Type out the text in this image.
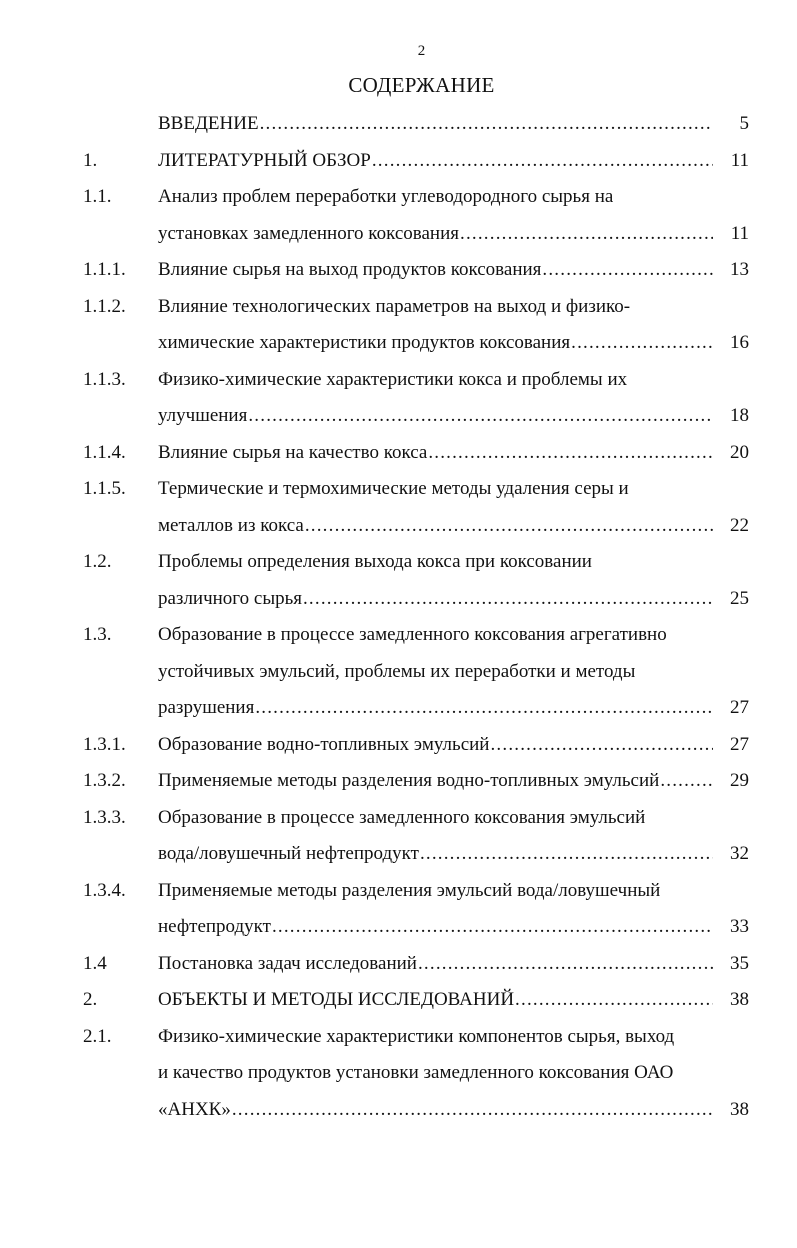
2
СОДЕРЖАНИЕ
ВВЕДЕНИЕ .....	5
1.	ЛИТЕРАТУРНЫЙ ОБЗОР .....	11
1.1. Анализ проблем переработки углеводородного сырья на
установках замедленного коксования .....	11
1.1.1. Влияние сырья на выход продуктов коксования .....	13
1.1.2. Влияние технологических параметров на выход и физико-
химические характеристики продуктов коксования .....	16
1.1.3. Физико-химические характеристики кокса и проблемы их
улучшения .....	18
1.1.4. Влияние сырья на качество кокса .....	20
1.1.5. Термические и термохимические методы удаления серы и
металлов из кокса .....	22
1.2. Проблемы определения выхода кокса при коксовании
различного сырья .....	25
1.3. Образование в процессе замедленного коксования агрегативно
устойчивых эмульсий, проблемы их переработки и методы
разрушения .....	27
1.3.1. Образование водно-топливных эмульсий .....	27
1.3.2. Применяемые методы разделения водно-топливных эмульсий .....	29
1.3.3. Образование в процессе замедленного коксования эмульсий
вода/ловушечный нефтепродукт .....	32
1.3.4. Применяемые методы разделения эмульсий вода/ловушечный
нефтепродукт .....	33
1.4	Постановка задач исследований .....	35
2.	ОБЪЕКТЫ И МЕТОДЫ ИССЛЕДОВАНИЙ .....	38
2.1. Физико-химические характеристики компонентов сырья, выход
и качество продуктов установки замедленного коксования ОАО
«АНХК» .....	38
